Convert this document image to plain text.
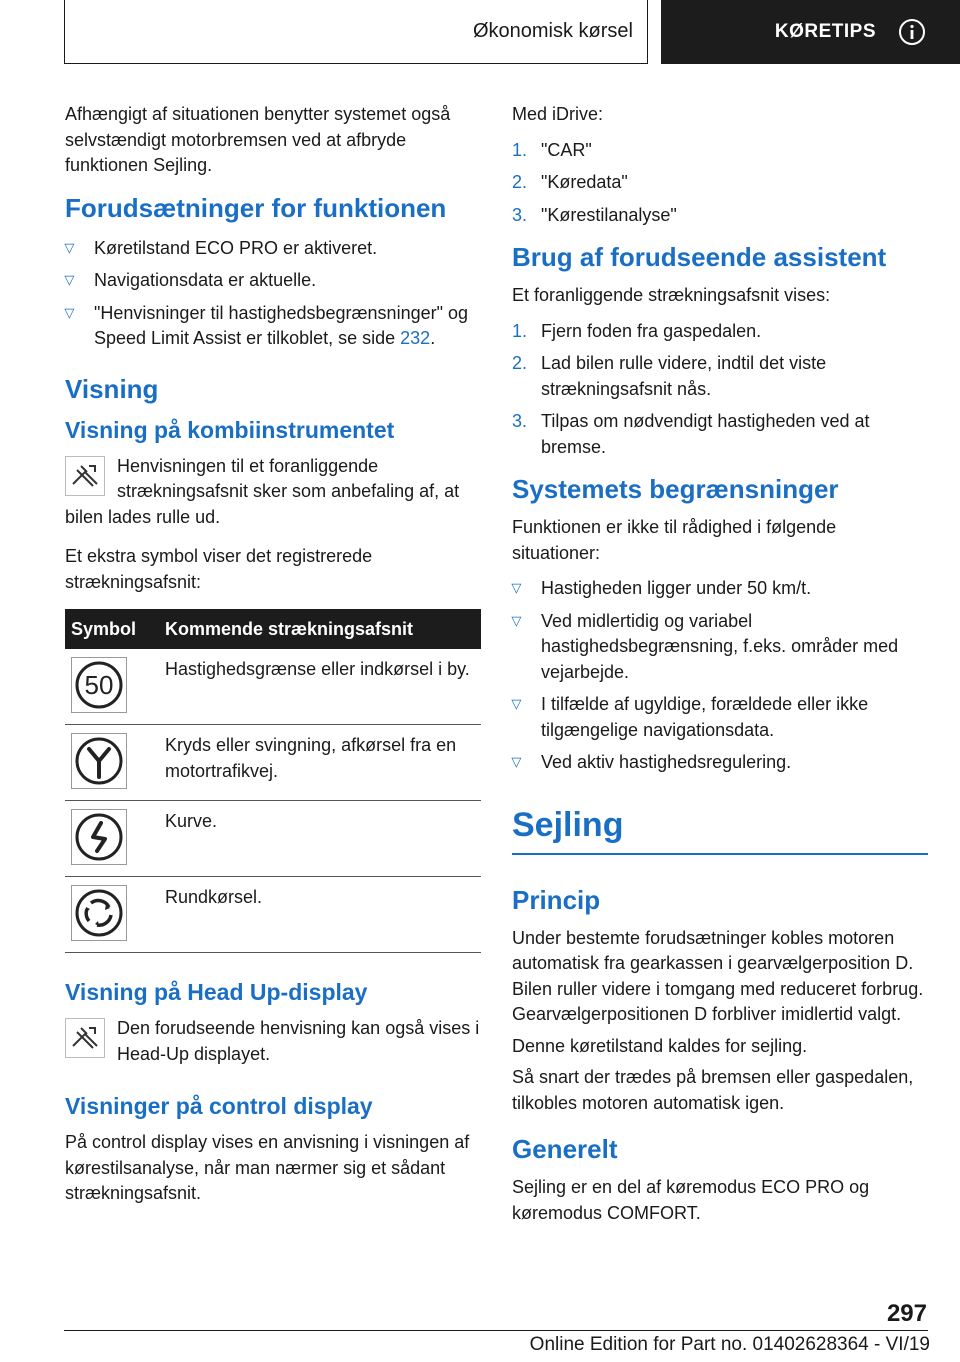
Økonomisk kørsel	KØRETIPS

Afhængigt af situationen benytter systemet også selvstændigt motorbremsen ved at afbryde funktionen Sejling.

Forudsætninger for funktionen
▷ Køretilstand ECO PRO er aktiveret.
▷ Navigationsdata er aktuelle.
▷ "Henvisninger til hastighedsbegrænsninger" og Speed Limit Assist er tilkoblet, se side 232.
Visning
Visning på kombiinstrumentet

Henvisningen til et foranliggende strækningsafsnit sker som anbefaling af, at bilen lades rulle ud.

Et ekstra symbol viser det registrerede strækningsafsnit:

Symbol	Kommende strækningsafsnit

50	Hastighedsgrænse eller indkørsel i by.

	Kryds eller svingning, afkørsel fra en motortrafikvej.

	Kurve.

	Rundkørsel.
Visning på Head Up-display

Den forudseende henvisning kan også vises i Head-Up displayet.

Visninger på control display

På control display vises en anvisning i visningen af kørestilsanalyse, når man nærmer sig et sådant strækningsafsnit.

Med iDrive:

1. "CAR"
2. "Køredata"
3. "Kørestilanalyse"
Brug af forudseende assistent

Et foranliggende strækningsafsnit vises:

1. Fjern foden fra gaspedalen.
2. Lad bilen rulle videre, indtil det viste strækningsafsnit nås.
3. Tilpas om nødvendigt hastigheden ved at bremse.
Systemets begrænsninger

Funktionen er ikke til rådighed i følgende situationer:

▷ Hastigheden ligger under 50 km/t.
▷ Ved midlertidig og variabel hastighedsbegrænsning, f.eks. områder med vejarbejde.
▷ I tilfælde af ugyldige, forældede eller ikke tilgængelige navigationsdata.
▷ Ved aktiv hastighedsregulering.
Sejling
Princip

Under bestemte forudsætninger kobles motoren automatisk fra gearkassen i gearvælgerposition D. Bilen ruller videre i tomgang med reduceret forbrug. Gearvælgerpositionen D forbliver imidlertid valgt.

Denne køretilstand kaldes for sejling.

Så snart der trædes på bremsen eller gaspedalen, tilkobles motoren automatisk igen.

Generelt

Sejling er en del af køremodus ECO PRO og køremodus COMFORT.

297
Online Edition for Part no. 01402628364 - VI/19
